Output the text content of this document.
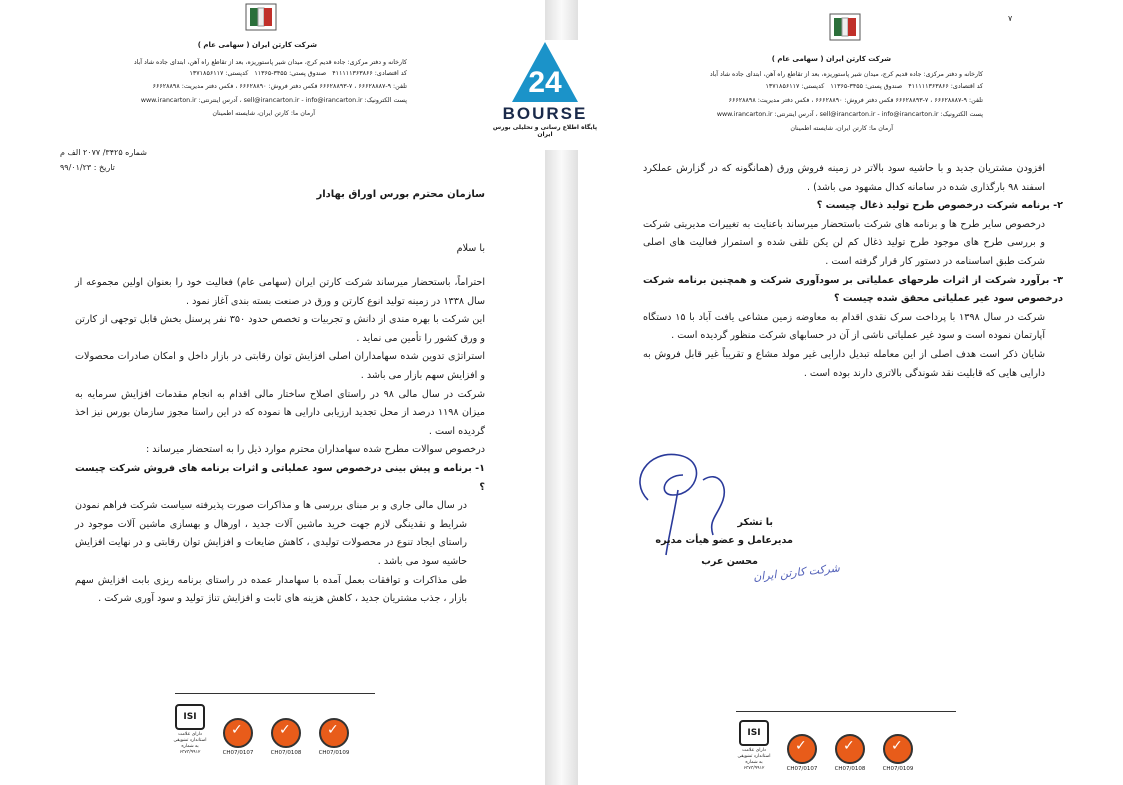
شرکت کارتن ایران ( سهامی عام )
کارخانه و دفتر مرکزی: جاده قدیم کرج، میدان شیر پاستوریزه، بعد از تقاطع راه آهن، ابتدای جاده شاد آباد
کد اقتصادی: ۴۱۱۱۱۱۳۶۳۸۶۶   صندوق پستی: ۳۴۵۵-۱۱۳۶۵   کدپستی: ۱۳۷۱۸۵۶۱۱۷
تلفن: ۹-۶۶۶۲۸۸۸۷ ، ۷-۶۶۶۲۸۸۹۳ فکس دفتر فروش: ۶۶۶۲۸۸۹۰ ، فکس دفتر مدیریت: ۶۶۶۲۸۸۹۸
پست الکترونیک: sell@irancarton.ir - info@irancarton.ir ، آدرس اینترنتی: www.irancarton.ir
آرمان ما: کارتن ایران، شایسته اطمینان
شماره ۳۴۲۵/ ۲۰۷۷ الف م
تاریخ : ۹۹/۰۱/۲۳
سازمان محترم بورس اوراق بهادار
با سلام

احتراماً، باستحضار میرساند شرکت کارتن ایران (سهامی عام) فعالیت خود را بعنوان اولین مجموعه از سال ۱۳۳۸ در زمینه تولید انوع کارتن و ورق در صنعت بسته بندی آغاز نمود .

این شرکت با بهره مندی از دانش و تجربیات و تخصص حدود ۳۵۰ نفر پرسنل بخش قابل توجهی از کارتن و ورق کشور را تأمین می نماید .

استراتژی تدوین شده سهامداران اصلی افزایش توان رقابتی در بازار داخل و امکان صادرات محصولات و افزایش سهم بازار می باشد .

شرکت در سال مالی ۹۸ در راستای اصلاح ساختار مالی اقدام به انجام مقدمات افزایش سرمایه به میزان ۱۱۹۸ درصد از محل تجدید ارزیابی دارایی ها نموده که در این راستا مجوز سازمان بورس نیز اخذ گردیده است .

درخصوص سوالات مطرح شده سهامداران محترم موارد ذیل را به استحضار میرساند :

۱- برنامه و پیش بینی درخصوص سود عملیاتی و اثرات برنامه های فروش شرکت چیست ؟

در سال مالی جاری و بر مبنای بررسی ها و مذاکرات صورت پذیرفته سیاست شرکت فراهم نمودن شرایط و نقدینگی لازم جهت خرید ماشین آلات جدید ، اورهال و بهسازی ماشین آلات موجود در راستای ایجاد تنوع در محصولات تولیدی ، کاهش ضایعات و افزایش توان رقابتی و در نهایت افزایش حاشیه سود می باشد .

طی مذاکرات و توافقات بعمل آمده با سهامدار عمده در راستای برنامه ریزی بابت افزایش سهم بازار ، جذب مشتریان جدید ، کاهش هزینه های ثابت و افزایش تناژ تولید و سود آوری شرکت .

ISI
دارای علامت استاندارد تشویقی به شماره ۶۳۷۳/۹۹۱۲
✓	CH07/0107
✓	CH07/0108
✓	CH07/0109
۷
شرکت کارتن ایران ( سهامی عام )
کارخانه و دفتر مرکزی: جاده قدیم کرج، میدان شیر پاستوریزه، بعد از تقاطع راه آهن، ابتدای جاده شاد آباد
کد اقتصادی: ۴۱۱۱۱۱۳۶۳۸۶۶   صندوق پستی: ۳۴۵۵-۱۱۳۶۵   کدپستی: ۱۳۷۱۸۵۶۱۱۷
تلفن: ۹-۶۶۶۲۸۸۸۷ ، ۷-۶۶۶۲۸۸۹۳ فکس دفتر فروش: ۶۶۶۲۸۸۹۰ ، فکس دفتر مدیریت: ۶۶۶۲۸۸۹۸
پست الکترونیک: sell@irancarton.ir - info@irancarton.ir ، آدرس اینترنتی: www.irancarton.ir
آرمان ما: کارتن ایران، شایسته اطمینان

افزودن مشتریان جدید و با حاشیه سود بالاتر در زمینه فروش ورق (همانگونه که در گزارش عملکرد اسفند ۹۸ بارگذاری شده در سامانه کدال مشهود می باشد) .

۲- برنامه شرکت درخصوص طرح تولید ذغال چیست ؟

درخصوص سایر طرح ها و برنامه های شرکت باستحضار میرساند باعنایت به تغییرات مدیریتی شرکت و بررسی طرح های موجود طرح تولید ذغال کم لن یکن تلقی شده و استمرار فعالیت های اصلی شرکت طبق اساسنامه در دستور کار قرار گرفته است .

۳- برآورد شرکت از اثرات طرحهای عملیاتی بر سودآوری شرکت و همچنین برنامه شرکت درخصوص سود غیر عملیاتی محقق شده چیست ؟

شرکت در سال ۱۳۹۸ با پرداخت سرک نقدی اقدام به معاوضه زمین مشاعی یافت آباد با ۱۵ دستگاه آپارتمان نموده است و سود غیر عملیاتی ناشی از آن در حسابهای شرکت منظور گردیده است .

شایان ذکر است هدف اصلی از این معامله تبدیل دارایی غیر مولد مشاع و تقریباً غیر قابل فروش به دارایی هایی که قابلیت نقد شوندگی بالاتری دارند بوده است .

با تشکر
مدیرعامل و عضو هیأت مدیره
محسن عرب
شرکت کارتن ایران
ISI
دارای علامت استاندارد تشویقی به شماره ۶۳۷۳/۹۹۱۲
✓	CH07/0107
✓	CH07/0108
✓	CH07/0109
24
BOURSE
پایگاه اطلاع رسانی و تحلیلی بورس ایران
